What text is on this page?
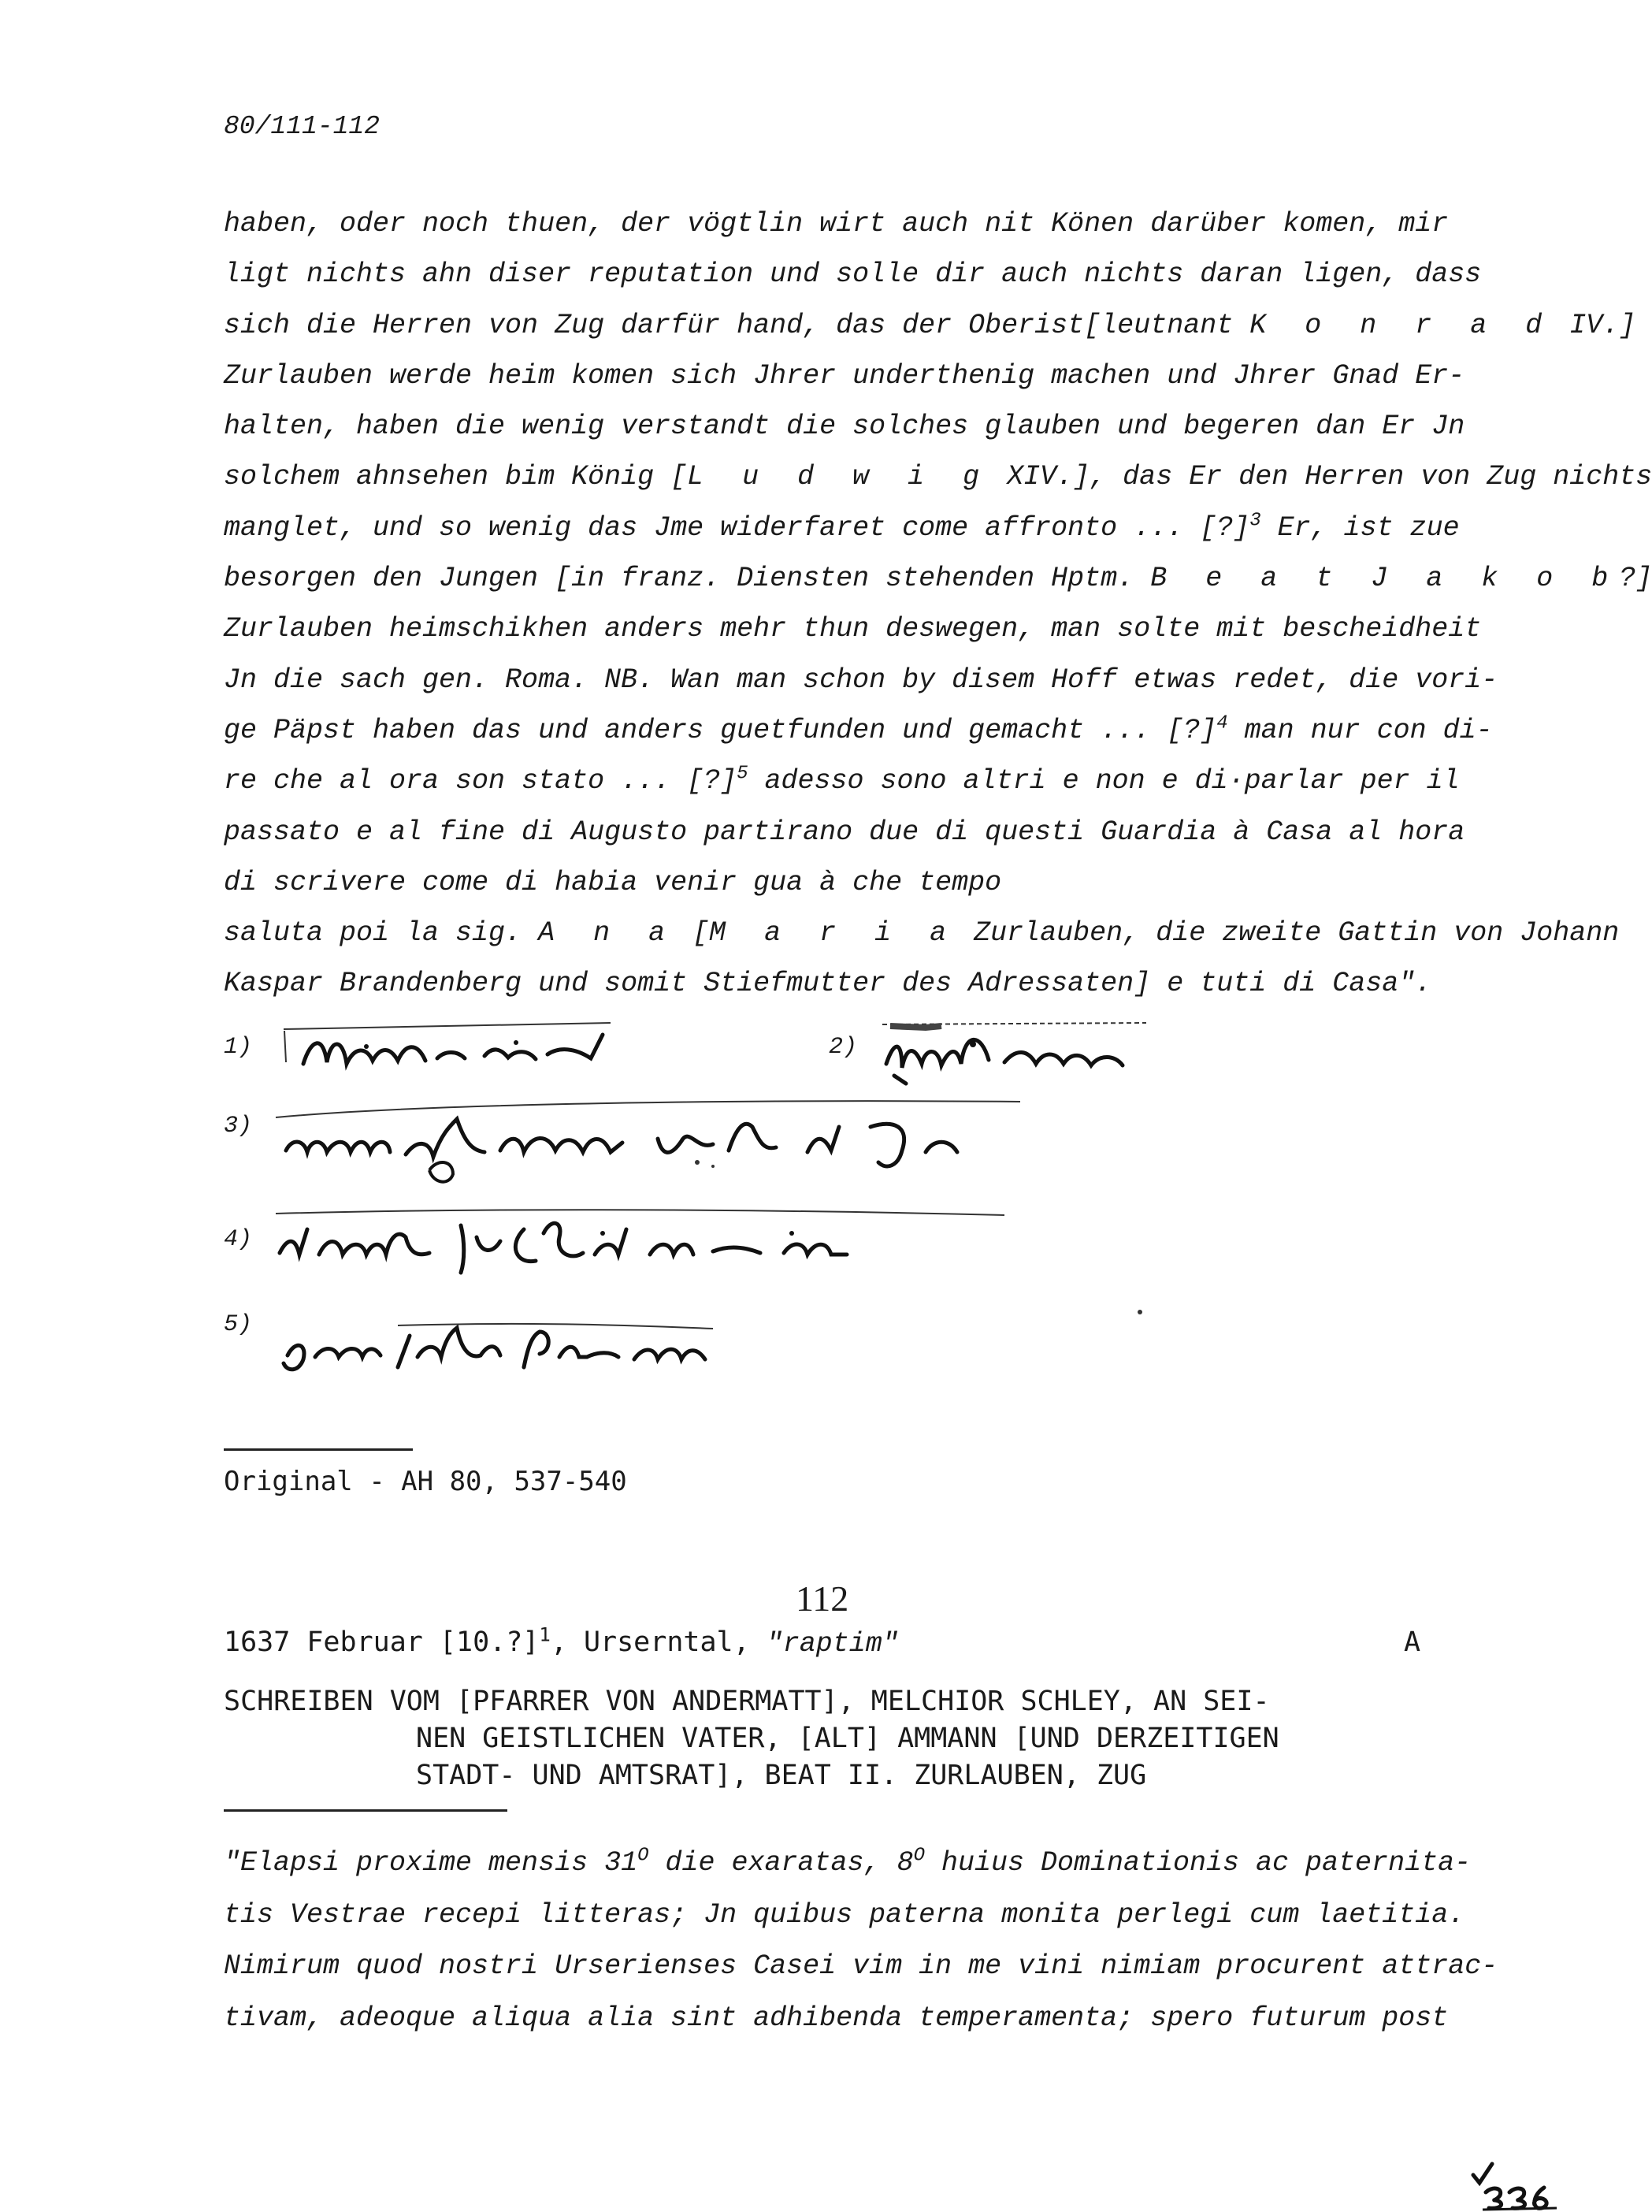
80/111-112
haben, oder noch thuen, der vögtlin wirt auch nit Könen darüber komen, mir
ligt nichts ahn diser reputation und solle dir auch nichts daran ligen, dass
sich die Herren von Zug darfür hand, das der Oberist[leutnant K o n r a d IV.]
Zurlauben werde heim komen sich Jhrer underthenig machen und Jhrer Gnad Er-
halten, haben die wenig verstandt die solches glauben und begeren dan Er Jn
solchem ahnsehen bim König [L u d w i g XIV.], das Er den Herren von Zug nichts
manglet, und so wenig das Jme widerfaret come affronto ... [?]$^3$ Er, ist zue
besorgen den Jungen [in franz. Diensten stehenden Hptm. B e a t J a k o b?]
Zurlauben heimschikhen anders mehr thun deswegen, man solte mit bescheidheit
Jn die sach gen. Roma. NB. Wan man schon by disem Hoff etwas redet, die vori-
ge Päpst haben das und anders guetfunden und gemacht ... [?]$^4$ man nur con di-
re che al ora son stato ... [?]$^5$ adesso sono altri e non e di·parlar per il
passato e al fine di Augusto partirano due di questi Guardia à Casa al hora
di scrivere come di habia venir gua à che tempo
saluta poi la sig. A n a [M a r i a Zurlauben, die zweite Gattin von Johann
Kaspar Brandenberg und somit Stiefmutter des Adressaten] e tuti di Casa".
1)	2)
3)
4)
5)
Original - AH 80, 537-540
112
1637 Februar [10.?]$^1$, Urserntal, "raptim"	A
SCHREIBEN VOM [PFARRER VON ANDERMATT], MELCHIOR SCHLEY, AN SEI-
NEN GEISTLICHEN VATER, [ALT] AMMANN [UND DERZEITIGEN
STADT- UND AMTSRAT], BEAT II. ZURLAUBEN, ZUG
"Elapsi proxime mensis $31^O$ die exaratas, $8^O$ huius Dominationis ac paternita-
tis Vestrae recepi litteras; Jn quibus paterna monita perlegi cum laetitia.
Nimirum quod nostri Urserienses Casei vim in me vini nimiam procurent attrac-
tivam, adeoque aliqua alia sint adhibenda temperamenta; spero futurum post
